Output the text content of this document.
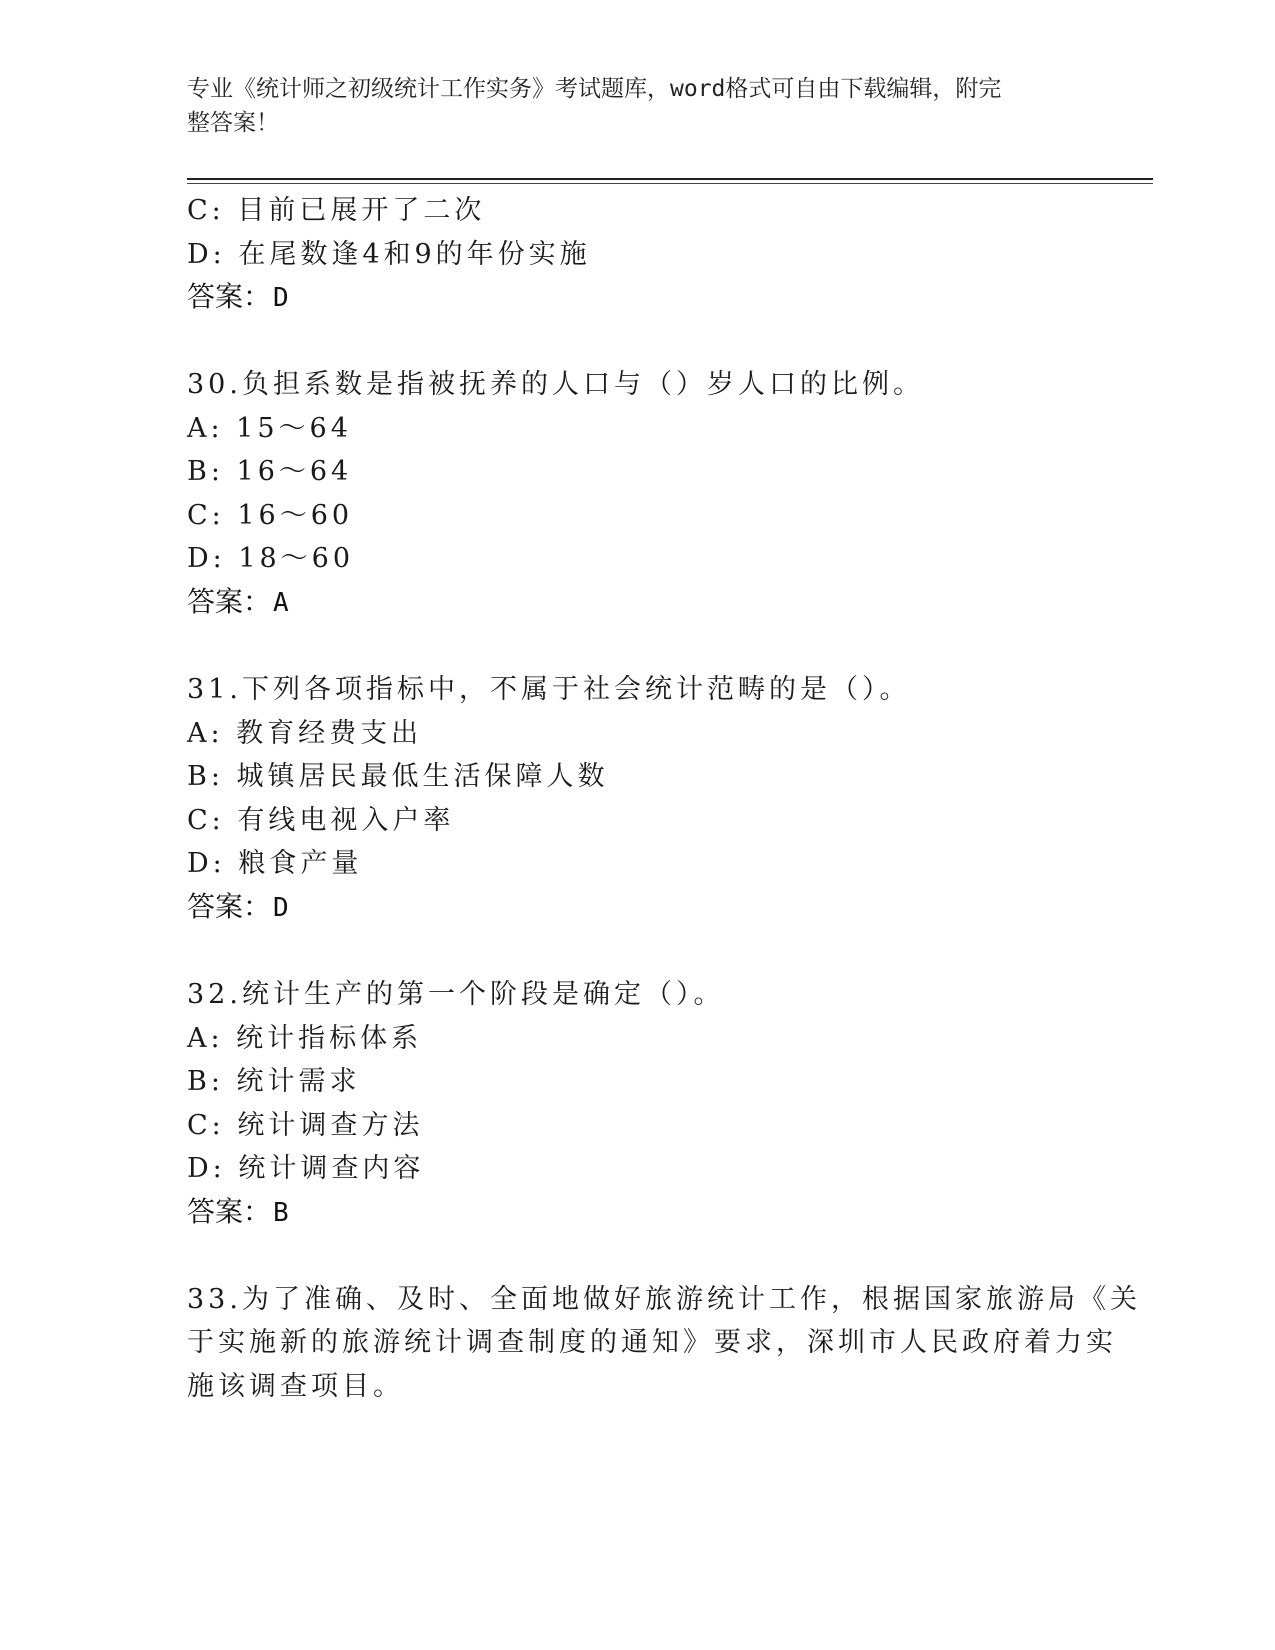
专业《统计师之初级统计工作实务》考试题库，word格式可自由下载编辑，附完
整答案！
C: 目前已展开了二次
D: 在尾数逢4和9的年份实施
答案：D
30.负担系数是指被抚养的人口与（）岁人口的比例。
A: 15～64
B: 16～64
C: 16～60
D: 18～60
答案：A
31.下列各项指标中，不属于社会统计范畴的是（）。
A: 教育经费支出
B: 城镇居民最低生活保障人数
C: 有线电视入户率
D: 粮食产量
答案：D
32.统计生产的第一个阶段是确定（）。
A: 统计指标体系
B: 统计需求
C: 统计调查方法
D: 统计调查内容
答案：B
33.为了准确、及时、全面地做好旅游统计工作，根据国家旅游局《关
于实施新的旅游统计调查制度的通知》要求，深圳市人民政府着力实
施该调查项目。
